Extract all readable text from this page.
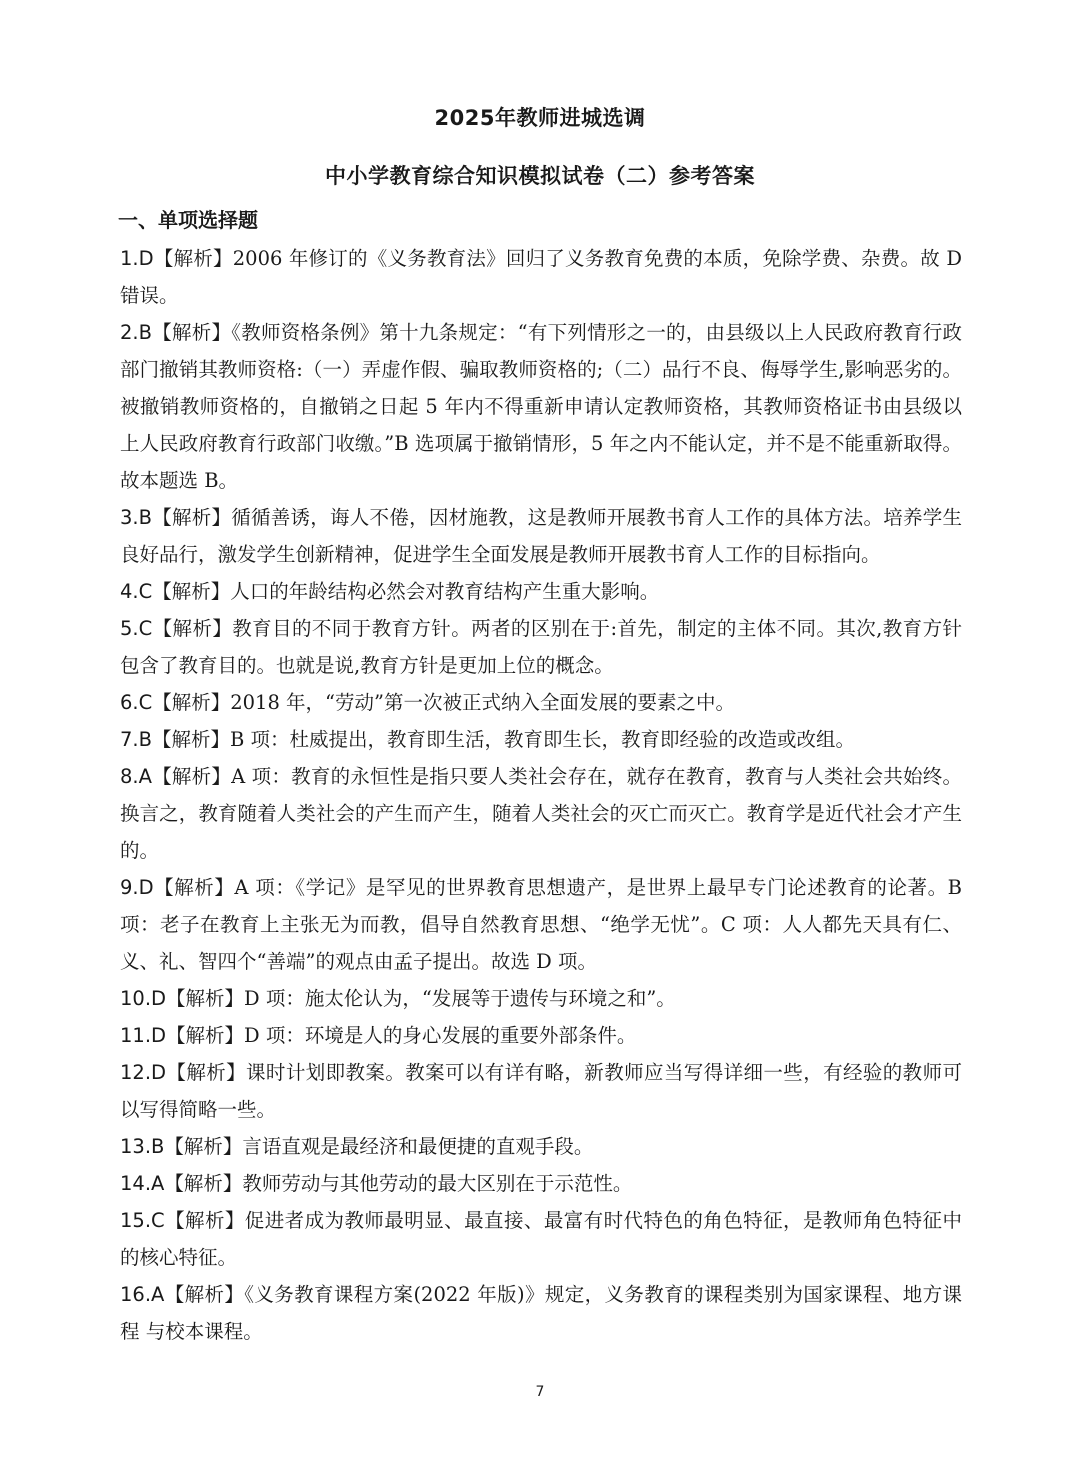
2025年教师进城选调
中小学教育综合知识模拟试卷（二）参考答案
一、单项选择题

1.D【解析】2006 年修订的《义务教育法》回归了义务教育免费的本质，免除学费、杂费。故 D 错误。

2.B【解析】《教师资格条例》第十九条规定：“有下列情形之一的，由县级以上人民政府教育行政部门撤销其教师资格:（一）弄虚作假、骗取教师资格的;（二）品行不良、侮辱学生,影响恶劣的。被撤销教师资格的，自撤销之日起 5 年内不得重新申请认定教师资格，其教师资格证书由县级以上人民政府教育行政部门收缴。”B 选项属于撤销情形，5 年之内不能认定，并不是不能重新取得。故本题选 B。

3.B【解析】循循善诱，诲人不倦，因材施教，这是教师开展教书育人工作的具体方法。培养学生良好品行，激发学生创新精神，促进学生全面发展是教师开展教书育人工作的目标指向。

4.C【解析】人口的年龄结构必然会对教育结构产生重大影响。

5.C【解析】教育目的不同于教育方针。两者的区别在于:首先，制定的主体不同。其次,教育方针包含了教育目的。也就是说,教育方针是更加上位的概念。

6.C【解析】2018 年，“劳动”第一次被正式纳入全面发展的要素之中。

7.B【解析】B 项：杜威提出，教育即生活，教育即生长，教育即经验的改造或改组。

8.A【解析】A 项：教育的永恒性是指只要人类社会存在，就存在教育，教育与人类社会共始终。换言之，教育随着人类社会的产生而产生，随着人类社会的灭亡而灭亡。教育学是近代社会才产生的。

9.D【解析】A 项：《学记》是罕见的世界教育思想遗产，是世界上最早专门论述教育的论著。B 项：老子在教育上主张无为而教，倡导自然教育思想、“绝学无忧”。C 项：人人都先天具有仁、义、礼、智四个“善端”的观点由孟子提出。故选 D 项。

10.D【解析】D 项：施太伦认为，“发展等于遗传与环境之和”。

11.D【解析】D 项：环境是人的身心发展的重要外部条件。

12.D【解析】课时计划即教案。教案可以有详有略，新教师应当写得详细一些，有经验的教师可以写得简略一些。

13.B【解析】言语直观是最经济和最便捷的直观手段。

14.A【解析】教师劳动与其他劳动的最大区别在于示范性。

15.C【解析】促进者成为教师最明显、最直接、最富有时代特色的角色特征，是教师角色特征中的核心特征。

16.A【解析】《义务教育课程方案(2022 年版)》规定，义务教育的课程类别为国家课程、地方课程 与校本课程。

7
